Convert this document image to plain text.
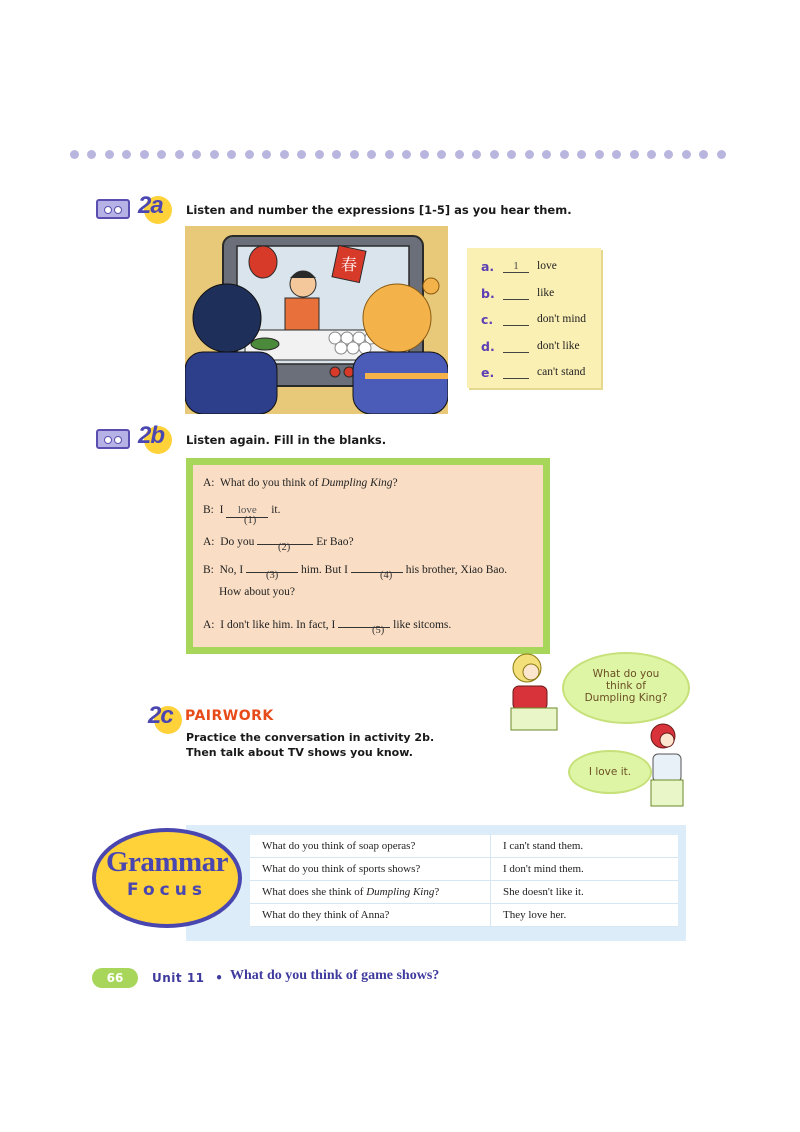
2a Listen and number the expressions [1-5] as you hear them.
春	a.	1	love
b.	like
c.	don't mind
d.	don't like
e.	can't stand
2b Listen again. Fill in the blanks.
A: What do you think of Dumpling King?
B: I love it.
(1)
A: Do you	Er Bao?
(2)
B: No, I	him. But I	his brother, Xiao Bao.
(3)	(4)
How about you?
A: I don't like him. In fact, I	like sitcoms.
(5)
2c PAIRWORK
Practice the conversation in activity 2b.
Then talk about TV shows you know.
What do you
think of
Dumpling King?
I love it.
What do you think of soap operas?	I can't stand them.
What do you think of sports shows?	I don't mind them.
What does she think of Dumpling King?	She doesn't like it.
What do they think of Anna?	They love her.
Grammar
Focus
66	Unit 11 • What do you think of game shows?
